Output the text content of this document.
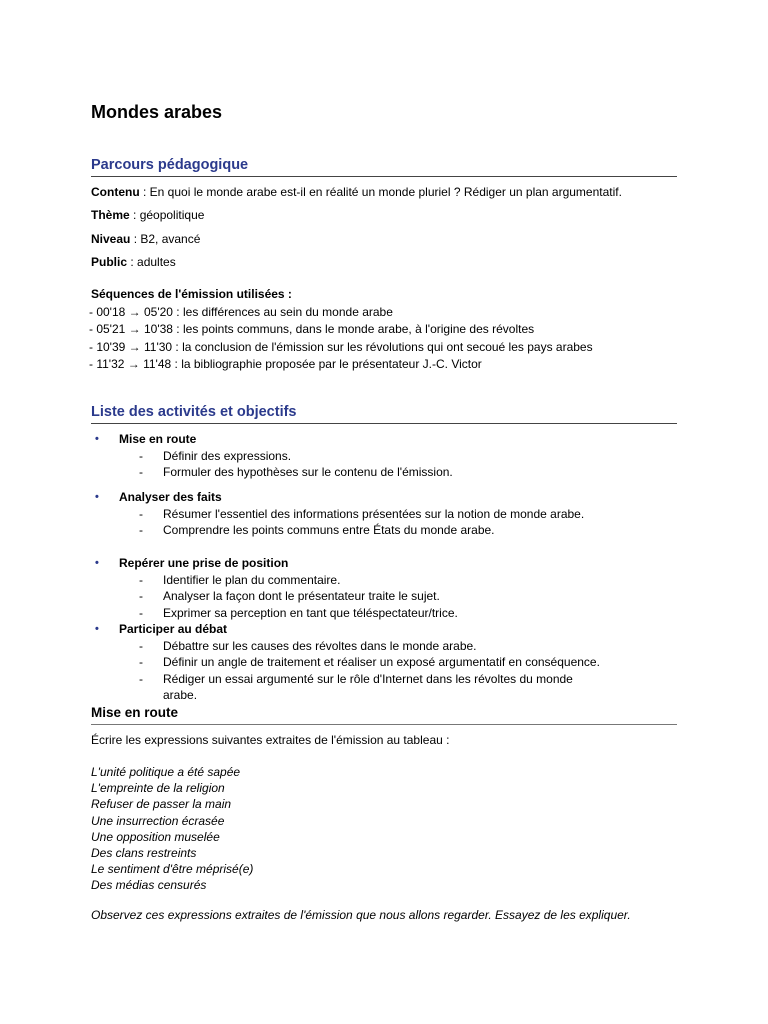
Mondes arabes
Parcours pédagogique

Contenu : En quoi le monde arabe est-il en réalité un monde pluriel ? Rédiger un plan argumentatif.

Thème : géopolitique

Niveau : B2, avancé

Public : adultes

Séquences de l'émission utilisées :
- 00'18 → 05'20 : les différences au sein du monde arabe
- 05'21 → 10'38 : les points communs, dans le monde arabe, à l'origine des révoltes
- 10'39 → 11'30 : la conclusion de l'émission sur les révolutions qui ont secoué les pays arabes
- 11'32 → 11'48 : la bibliographie proposée par le présentateur J.-C. Victor
Liste des activités et objectifs
•	Mise en route
-	Définir des expressions.
-	Formuler des hypothèses sur le contenu de l'émission.
•	Analyser des faits
-	Résumer l'essentiel des informations présentées sur la notion de monde arabe.
-	Comprendre les points communs entre États du monde arabe.
•	Repérer une prise de position
-	Identifier le plan du commentaire.
-	Analyser la façon dont le présentateur traite le sujet.
-	Exprimer sa perception en tant que téléspectateur/trice.
•	Participer au débat
-	Débattre sur les causes des révoltes dans le monde arabe.
-	Définir un angle de traitement et réaliser un exposé argumentatif en conséquence.
-	Rédiger un essai argumenté sur le rôle d'Internet dans les révoltes du monde arabe.
Mise en route

Écrire les expressions suivantes extraites de l'émission au tableau :

L'unité politique a été sapée
L'empreinte de la religion
Refuser de passer la main
Une insurrection écrasée
Une opposition muselée
Des clans restreints
Le sentiment d'être méprisé(e)
Des médias censurés

Observez ces expressions extraites de l'émission que nous allons regarder. Essayez de les expliquer.
